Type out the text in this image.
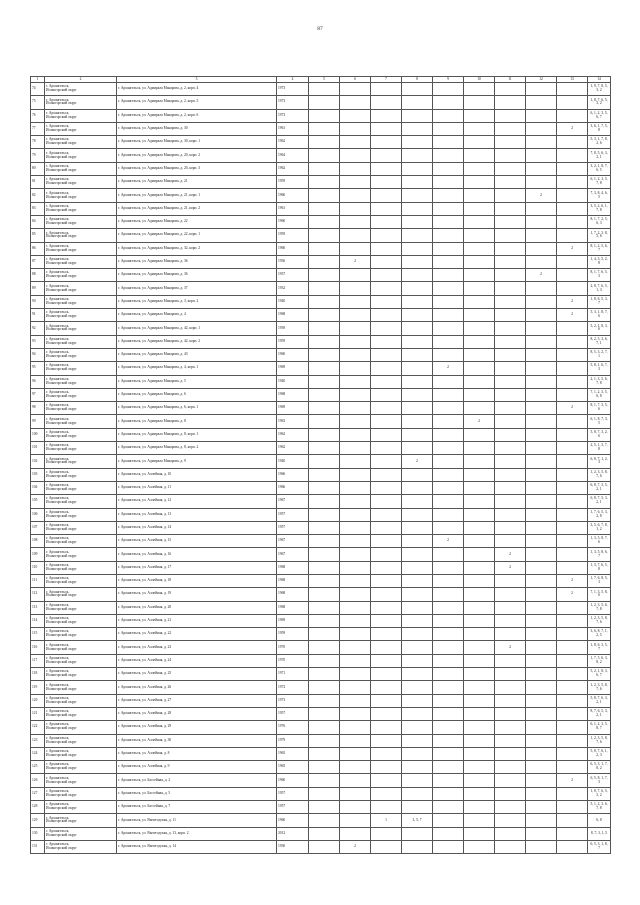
87
1	2	3	4	5	6	7	8	9	10	11	12	13	14
74	г. Архангельск,
Исакогорский округ	г. Архангельск, ул. Адмирала Макарова, д. 2, корп. 4	1973										1, 9, 7, 8, 5,
3, 2
75	г. Архангельск,
Исакогорский округ	г. Архангельск, ул. Адмирала Макарова, д. 2, корп. 5	1973										1, 8, 7, 6, 5,
3, 2
76	г. Архангельск,
Исакогорский округ	г. Архангельск, ул. Адмирала Макарова, д. 2, корп. 6	1973										6, 1, 2, 3, 5,
6, 7
77	г. Архангельск,
Исакогорский округ	г. Архангельск, ул. Адмирала Макарова, д. 30	1961									2	3, 6, 1, 7, 5,
8
78	г. Архангельск,
Исакогорский округ	г. Архангельск, ул. Адмирала Макарова, д. 30, корп. 1	1962										5, 3, 1, 7, 8,
2, 6
79	г. Архангельск,
Исакогорский округ	г. Архангельск, ул. Адмирала Макарова, д. 20, корп. 2	1964										7, 8, 5, 6, 3,
2, 1
80	г. Архангельск,
Исакогорский округ	г. Архангельск, ул. Адмирала Макарова, д. 20, корп. 3	1962										3, 2, 1, 8, 7,
6, 5
81	г. Архангельск,
Исакогорский округ	г. Архангельск, ул. Адмирала Макарова, д. 21	1959										6, 1, 2, 3, 5,
7, 8
82	г. Архангельск,
Исакогорский округ	г. Архангельск, ул. Адмирала Макарова, д. 21, корп. 1	1960								2		7, 3, 8, 4, 6,
5
83	г. Архангельск,
Исакогорский округ	г. Архангельск, ул. Адмирала Макарова, д. 21, корп. 2	1961										3, 5, 2, 6, 1,
7, 8
84	г. Архангельск,
Исакогорский округ	г. Архангельск, ул. Адмирала Макарова, д. 22	1960										8, 1, 7, 2, 5,
6, 3
85	г. Архангельск,
Исакогорский округ	г. Архангельск, ул. Адмирала Макарова, д. 22, корп. 1	1959										1, 7, 2, 3, 8,
5, 6
86	г. Архангельск,
Исакогорский округ	г. Архангельск, ул. Адмирала Макарова, д. 32, корп. 2	1960									2	8, 1, 2, 5, 6,
7
87	г. Архангельск,
Исакогорский округ	г. Архангельск, ул. Адмирала Макарова, д. 36	1936		2								1, 4, 3, 5, 2,
8
88	г. Архангельск,
Исакогорский округ	г. Архангельск, ул. Адмирала Макарова, д. 36	1937								2		8, 1, 7, 6, 5,
3
89	г. Архангельск,
Исакогорский округ	г. Архангельск, ул. Адмирала Макарова, д. 37	1932										2, 8, 7, 6, 5,
1, 3
90	г. Архангельск,
Исакогорский округ	г. Архангельск, ул. Адмирала Макарова, д. 3, корп. 2	1940									2	1, 8, 6, 5, 3,
7
91	г. Архангельск,
Исакогорский округ	г. Архангельск, ул. Адмирала Макарова, д. 4	1968									2	5, 3, 1, 8, 7,
6
92	г. Архангельск,
Исакогорский округ	г. Архангельск, ул. Адмирала Макарова, д. 42, корп. 1	1939										5, 2, 1, 8, 3,
6
93	г. Архангельск,
Исакогорский округ	г. Архангельск, ул. Адмирала Макарова, д. 42, корп. 2	1959										8, 2, 5, 3, 6,
7, 1
94	г. Архангельск,
Исакогорский округ	г. Архангельск, ул. Адмирала Макарова, д. 43	1960										8, 5, 3, 2, 7,
1
95	г. Архангельск,
Исакогорский округ	г. Архангельск, ул. Адмирала Макарова, д. 4, корп. 1	1969					2					5, 8, 1, 6, 7,
3
96	г. Архангельск,
Исакогорский округ	г. Архангельск, ул. Адмирала Макарова, д. 5	1940										2, 1, 3, 5, 6,
7, 8
97	г. Архангельск,
Исакогорский округ	г. Архангельск, ул. Адмирала Макарова, д. 6	1968										7, 1, 2, 3, 5,
6, 8
98	г. Архангельск,
Исакогорский округ	г. Архангельск, ул. Адмирала Макарова, д. 6, корп. 1	1969									2	8, 1, 7, 3, 5,
6
99	г. Архангельск,
Исакогорский округ	г. Архангельск, ул. Адмирала Макарова, д. 8	1963						2				6, 1, 8, 7, 3,
5
100	г. Архангельск,
Исакогорский округ	г. Архангельск, ул. Адмирала Макарова, д. 8, корп. 1	1962										5, 8, 7, 3, 2,
6
101	г. Архангельск,
Исакогорский округ	г. Архангельск, ул. Адмирала Макарова, д. 8, корп. 2	1962										2, 5, 1, 3, 7,
8
102	г. Архангельск,
Исакогорский округ	г. Архангельск, ул. Адмирала Макарова, д. 9	1940				2						6, 8, 7, 1, 2,
3
103	г. Архангельск,
Исакогорский округ	г. Архангельск, ул. Аллейная, д. 10	1966										1, 2, 3, 5, 8,
7, 6
104	г. Архангельск,
Исакогорский округ	г. Архангельск, ул. Аллейная, д. 11	1966										6, 8, 7, 3, 5,
2, 1
105	г. Архангельск,
Исакогорский округ	г. Архангельск, ул. Аллейная, д. 12	1967										6, 8, 7, 5, 3,
2, 1
106	г. Архангельск,
Исакогорский округ	г. Архангельск, ул. Аллейная, д. 13	1957										1, 7, 6, 5, 3,
2, 8
107	г. Архангельск,
Исакогорский округ	г. Архангельск, ул. Аллейная, д. 14	1957										3, 5, 6, 7, 8,
1, 2
108	г. Архангельск,
Исакогорский округ	г. Архангельск, ул. Аллейная, д. 15	1967					2					1, 3, 5, 8, 7,
6
109	г. Архангельск,
Исакогорский округ	г. Архангельск, ул. Аллейная, д. 16	1967							2			1, 3, 5, 8, 6,
7
110	г. Архангельск,
Исакогорский округ	г. Архангельск, ул. Аллейная, д. 17	1968							2			1, 3, 7, 6, 5,
8
111	г. Архангельск,
Исакогорский округ	г. Архангельск, ул. Аллейная, д. 18	1968									2	1, 7, 6, 8, 5,
3
112	г. Архангельск,
Исакогорский округ	г. Архангельск, ул. Аллейная, д. 19	1968									2	7, 1, 3, 5, 8,
6
113	г. Архангельск,
Исакогорский округ	г. Архангельск, ул. Аллейная, д. 20	1968										1, 2, 3, 5, 6,
7, 8
114	г. Архангельск,
Исакогорский округ	г. Архангельск, ул. Аллейная, д. 21	1969										1, 2, 3, 5, 8,
7, 6
115	г. Архангельск,
Исакогорский округ	г. Архангельск, ул. Аллейная, д. 22	1959										3, 6, 8, 7, 1,
2, 5
116	г. Архангельск,
Исакогорский округ	г. Архангельск, ул. Аллейная, д. 23	1970							2			1, 8, 6, 3, 5,
7
117	г. Архангельск,
Исакогорский округ	г. Архангельск, ул. Аллейная, д. 24	1970										1, 7, 5, 6, 3,
8, 2
118	г. Архангельск,
Исакогорский округ	г. Архангельск, ул. Аллейная, д. 25	1971										5, 2, 1, 8, 3,
6, 7
119	г. Архангельск,
Исакогорский округ	г. Архангельск, ул. Аллейная, д. 26	1972										1, 2, 3, 5, 8,
7, 6
120	г. Архангельск,
Исакогорский округ	г. Архангельск, ул. Аллейная, д. 27	1973										5, 8, 7, 6, 3,
2, 1
121	г. Архангельск,
Исакогорский округ	г. Архангельск, ул. Аллейная, д. 28	1957										8, 7, 6, 5, 3,
2, 1
122	г. Архангельск,
Исакогорский округ	г. Архангельск, ул. Аллейная, д. 29	1976										6, 1, 2, 3, 5,
8, 7
123	г. Архангельск,
Исакогорский округ	г. Архангельск, ул. Аллейная, д. 30	1979										1, 2, 3, 5, 8,
7, 6
124	г. Архангельск,
Исакогорский округ	г. Архангельск, ул. Аллейная, д. 8	1965										5, 8, 7, 6, 1,
2, 3
125	г. Архангельск,
Исакогорский округ	г. Архангельск, ул. Аллейная, д. 9	1965										6, 5, 3, 1, 7,
8, 2
126	г. Архангельск,
Исакогорский округ	г. Архангельск, ул. Бассейная, д. 2	1960									2	6, 5, 8, 1, 7,
3
127	г. Архангельск,
Исакогорский округ	г. Архангельск, ул. Бассейная, д. 5	1957										1, 8, 7, 6, 5,
3, 2
128	г. Архангельск,
Исакогорский округ	г. Архангельск, ул. Бассейная, д. 7	1957										5, 1, 2, 3, 6,
7, 8
129	г. Архангельск,
Исакогорский округ	г. Архангельск, ул. Вычегодская, д. 11	1960			1	3, 5, 7						6, 8
130	г. Архангельск,
Исакогорский округ	г. Архангельск, ул. Вычегодская, д. 13, корп. 2	2012										8, 7, 3, 1, 5
131	г. Архангельск,
Исакогорский округ	г. Архангельск, ул. Вычегодская, д. 14	1930		2								6, 5, 3, 1, 8,
7
